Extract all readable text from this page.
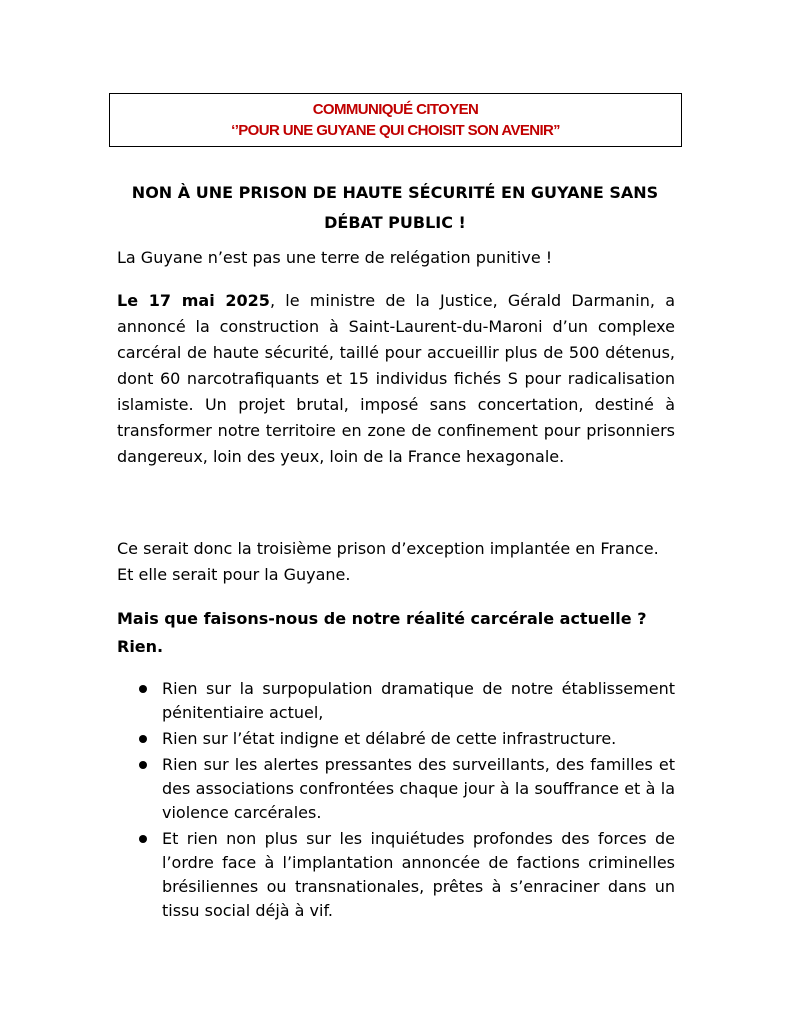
COMMUNIQUÉ CITOYEN
‘’POUR UNE GUYANE QUI CHOISIT SON AVENIR’’
NON À UNE PRISON DE HAUTE SÉCURITÉ EN GUYANE SANS
DÉBAT PUBLIC !

La Guyane n’est pas une terre de relégation punitive !

Le 17 mai 2025, le ministre de la Justice, Gérald Darmanin, a annoncé la construction à Saint-Laurent-du-Maroni d’un complexe carcéral de haute sécurité, taillé pour accueillir plus de 500 détenus, dont 60 narcotrafiquants et 15 individus fichés S pour radicalisation islamiste. Un projet brutal, imposé sans concertation, destiné à transformer notre territoire en zone de confinement pour prisonniers dangereux, loin des yeux, loin de la France hexagonale.

Ce serait donc la troisième prison d’exception implantée en France. Et elle serait pour la Guyane.

Mais que faisons-nous de notre réalité carcérale actuelle ? Rien.

Rien sur la surpopulation dramatique de notre établissement pénitentiaire actuel,
Rien sur l’état indigne et délabré de cette infrastructure.
Rien sur les alertes pressantes des surveillants, des familles et des associations confrontées chaque jour à la souffrance et à la violence carcérales.
Et rien non plus sur les inquiétudes profondes des forces de l’ordre face à l’implantation annoncée de factions criminelles brésiliennes ou transnationales, prêtes à s’enraciner dans un tissu social déjà à vif.
